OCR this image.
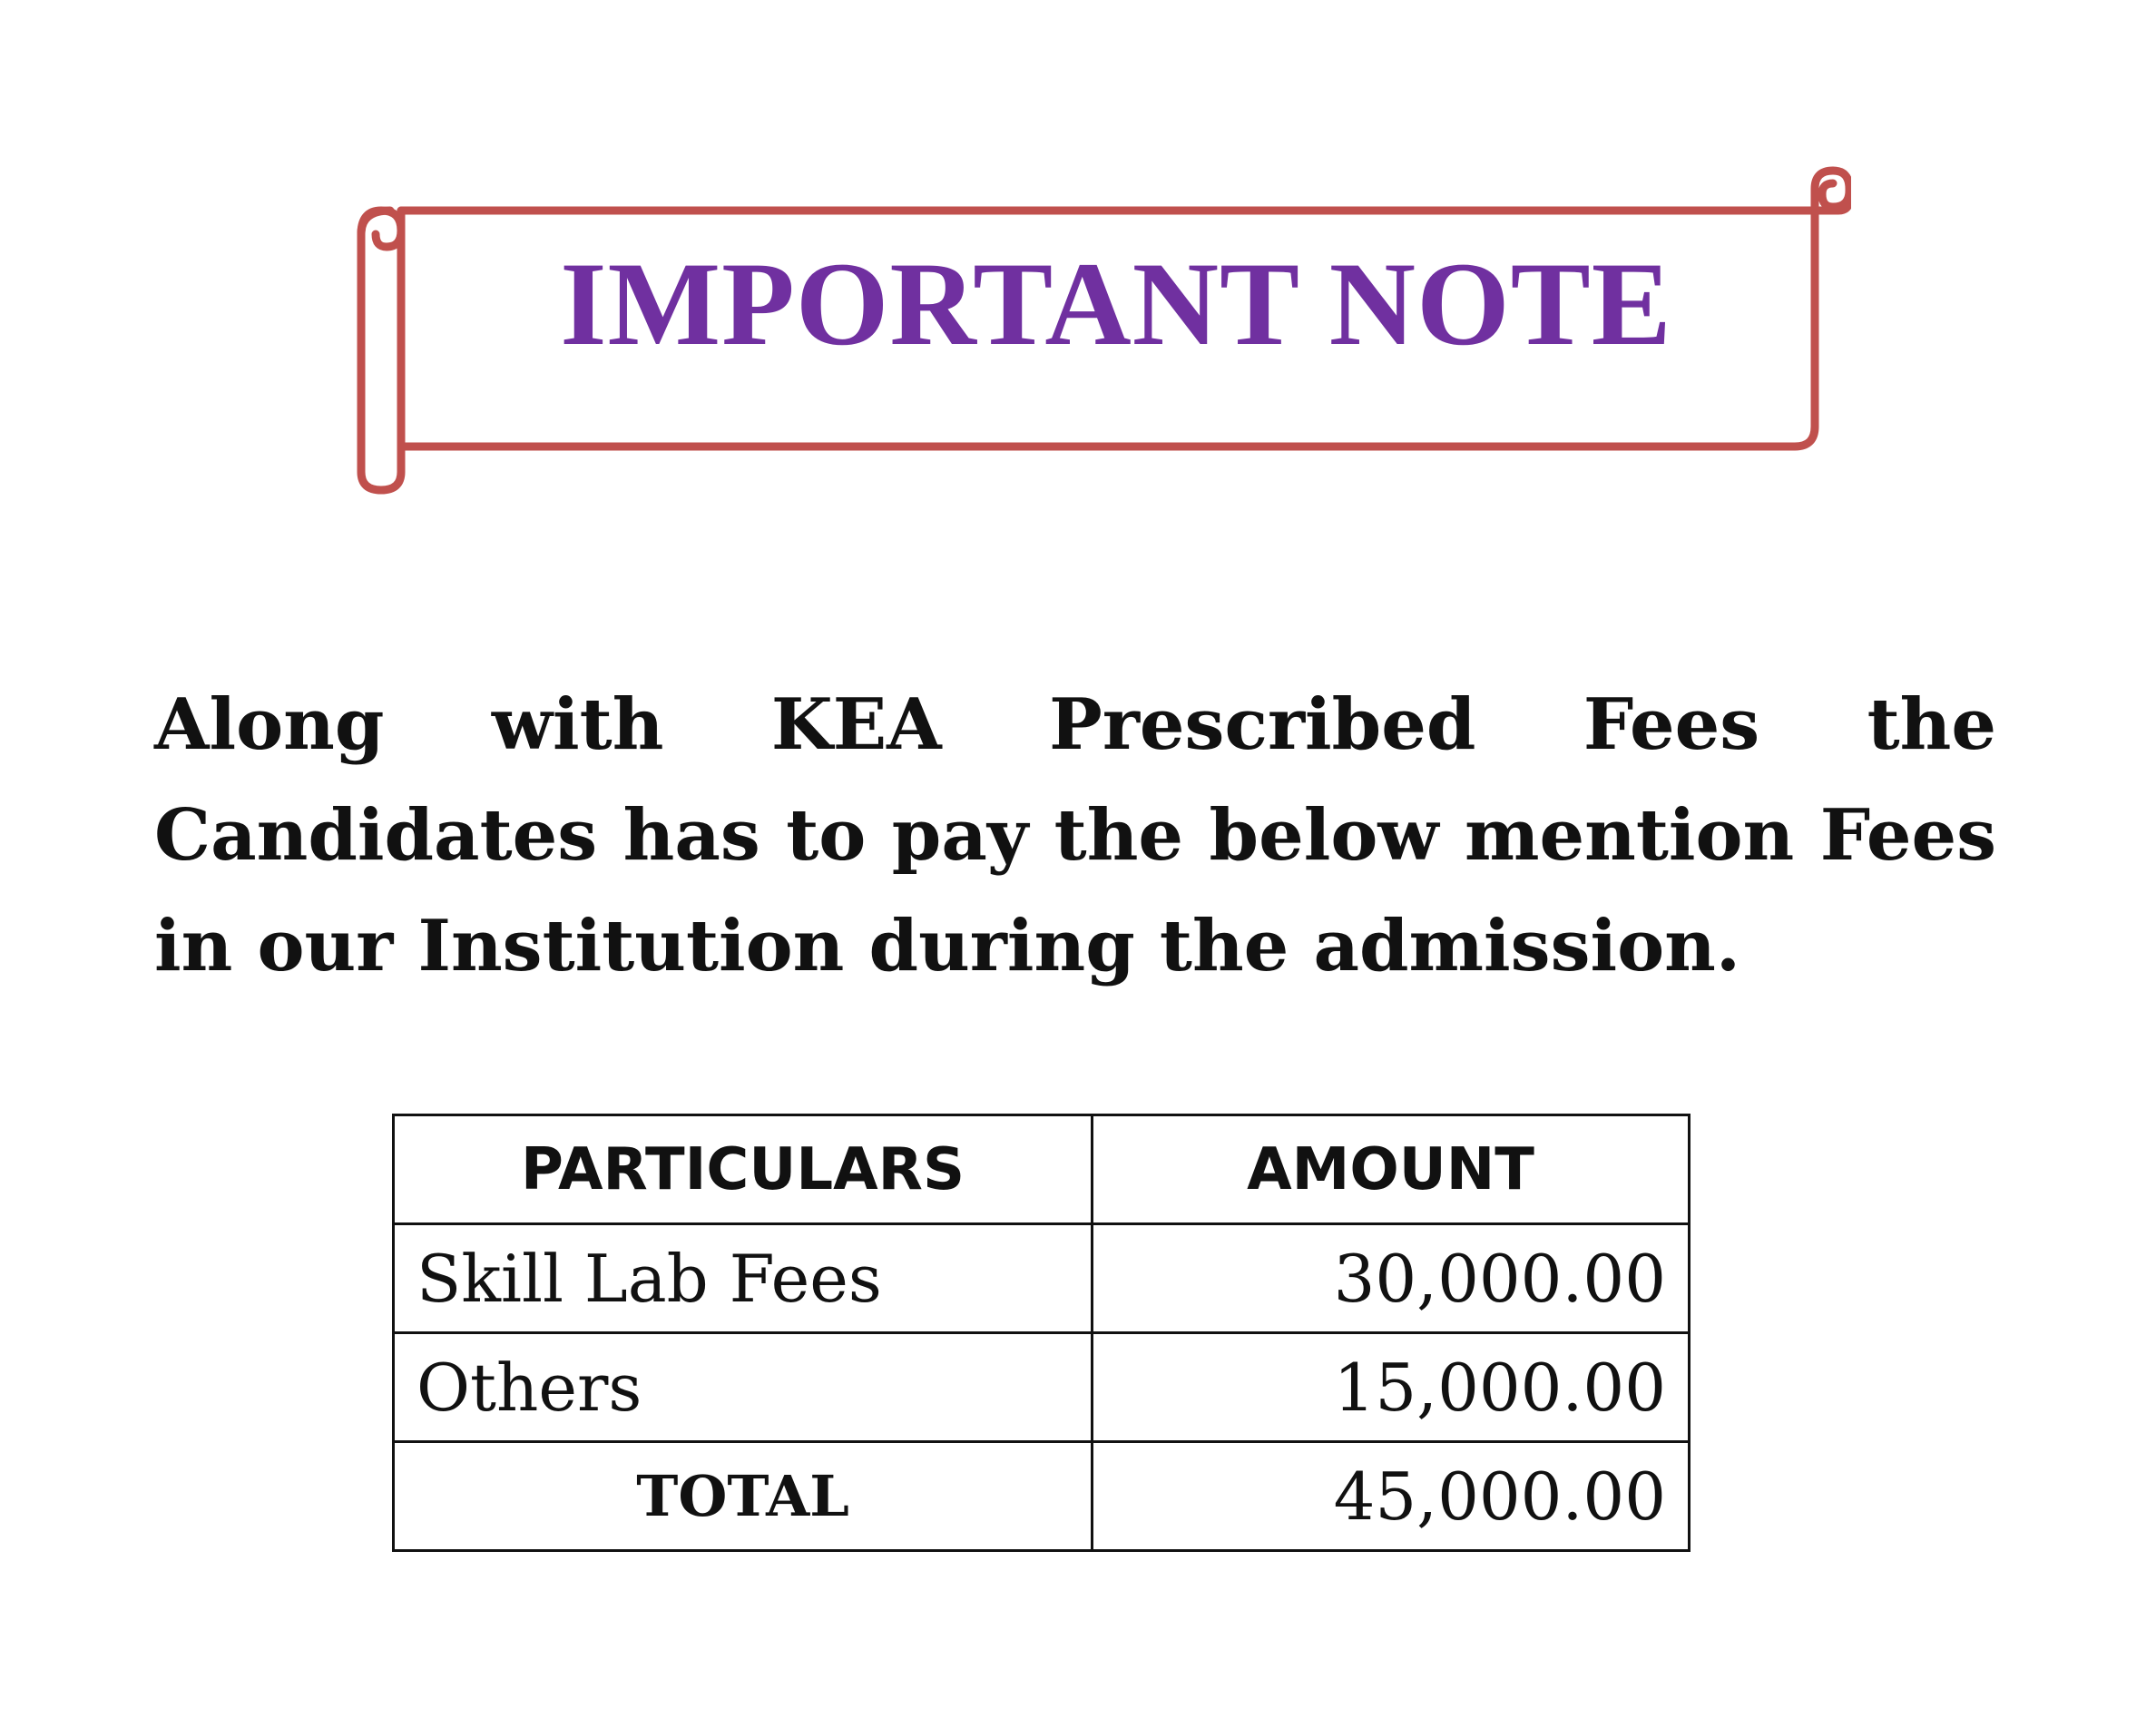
IMPORTANT NOTE

Along with KEA Prescribed Fees the Candidates has to pay the below mention Fees in our Institution during the admission.

PARTICULARS	AMOUNT
Skill Lab Fees	30,000.00
Others	15,000.00
TOTAL	45,000.00
